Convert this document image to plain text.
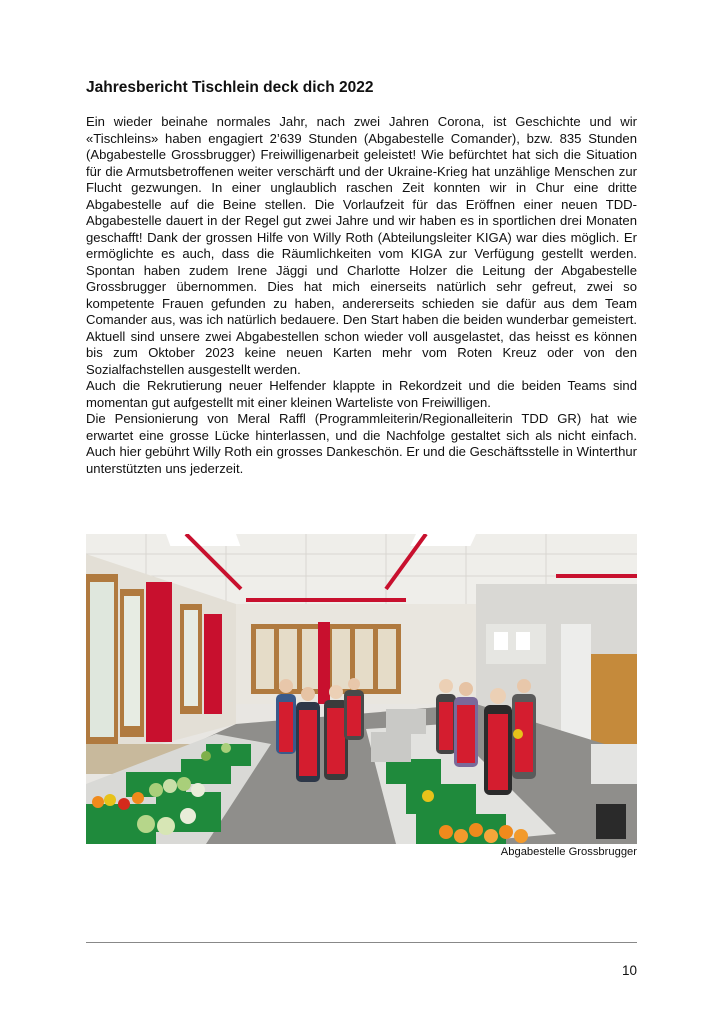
Jahresbericht Tischlein deck dich 2022

Ein wieder beinahe normales Jahr, nach zwei Jahren Corona, ist Geschichte und wir «Tischleins» haben engagiert 2’639 Stunden (Abgabestelle Comander), bzw. 835 Stunden (Abgabestelle Grossbrugger) Freiwilligenarbeit geleistet! Wie befürchtet hat sich die Situation für die Armutsbetroffenen weiter verschärft und der Ukraine-Krieg hat unzählige Menschen zur Flucht gezwungen. In einer unglaublich raschen Zeit konnten wir in Chur eine dritte Abgabestelle auf die Beine stellen. Die Vorlaufzeit für das Eröffnen einer neuen TDD-Abgabestelle dauert in der Regel gut zwei Jahre und wir haben es in sportlichen drei Monaten geschafft! Dank der grossen Hilfe von Willy Roth (Abteilungsleiter KIGA) war dies möglich. Er ermöglichte es auch, dass die Räumlichkeiten vom KIGA zur Verfügung gestellt werden. Spontan haben zudem Irene Jäggi und Charlotte Holzer die Leitung der Abgabestelle Grossbrugger übernommen. Dies hat mich einerseits natürlich sehr gefreut, zwei so kompetente Frauen gefunden zu haben, andererseits schieden sie dafür aus dem Team Comander aus, was ich natürlich bedauere. Den Start haben die beiden wunderbar gemeistert. Aktuell sind unsere zwei Abgabestellen schon wieder voll ausgelastet, das heisst es können bis zum Oktober 2023 keine neuen Karten mehr vom Roten Kreuz oder von den Sozialfachstellen ausgestellt werden.

Auch die Rekrutierung neuer Helfender klappte in Rekordzeit und die beiden Teams sind momentan gut aufgestellt mit einer kleinen Warteliste von Freiwilligen.

Die Pensionierung von Meral Raffl (Programmleiterin/Regionalleiterin TDD GR) hat wie erwartet eine grosse Lücke hinterlassen, und die Nachfolge gestaltet sich als nicht einfach. Auch hier gebührt Willy Roth ein grosses Dankeschön. Er und die Geschäftsstelle in Winterthur unterstützten uns jederzeit.

Abgabestelle Grossbrugger
10
